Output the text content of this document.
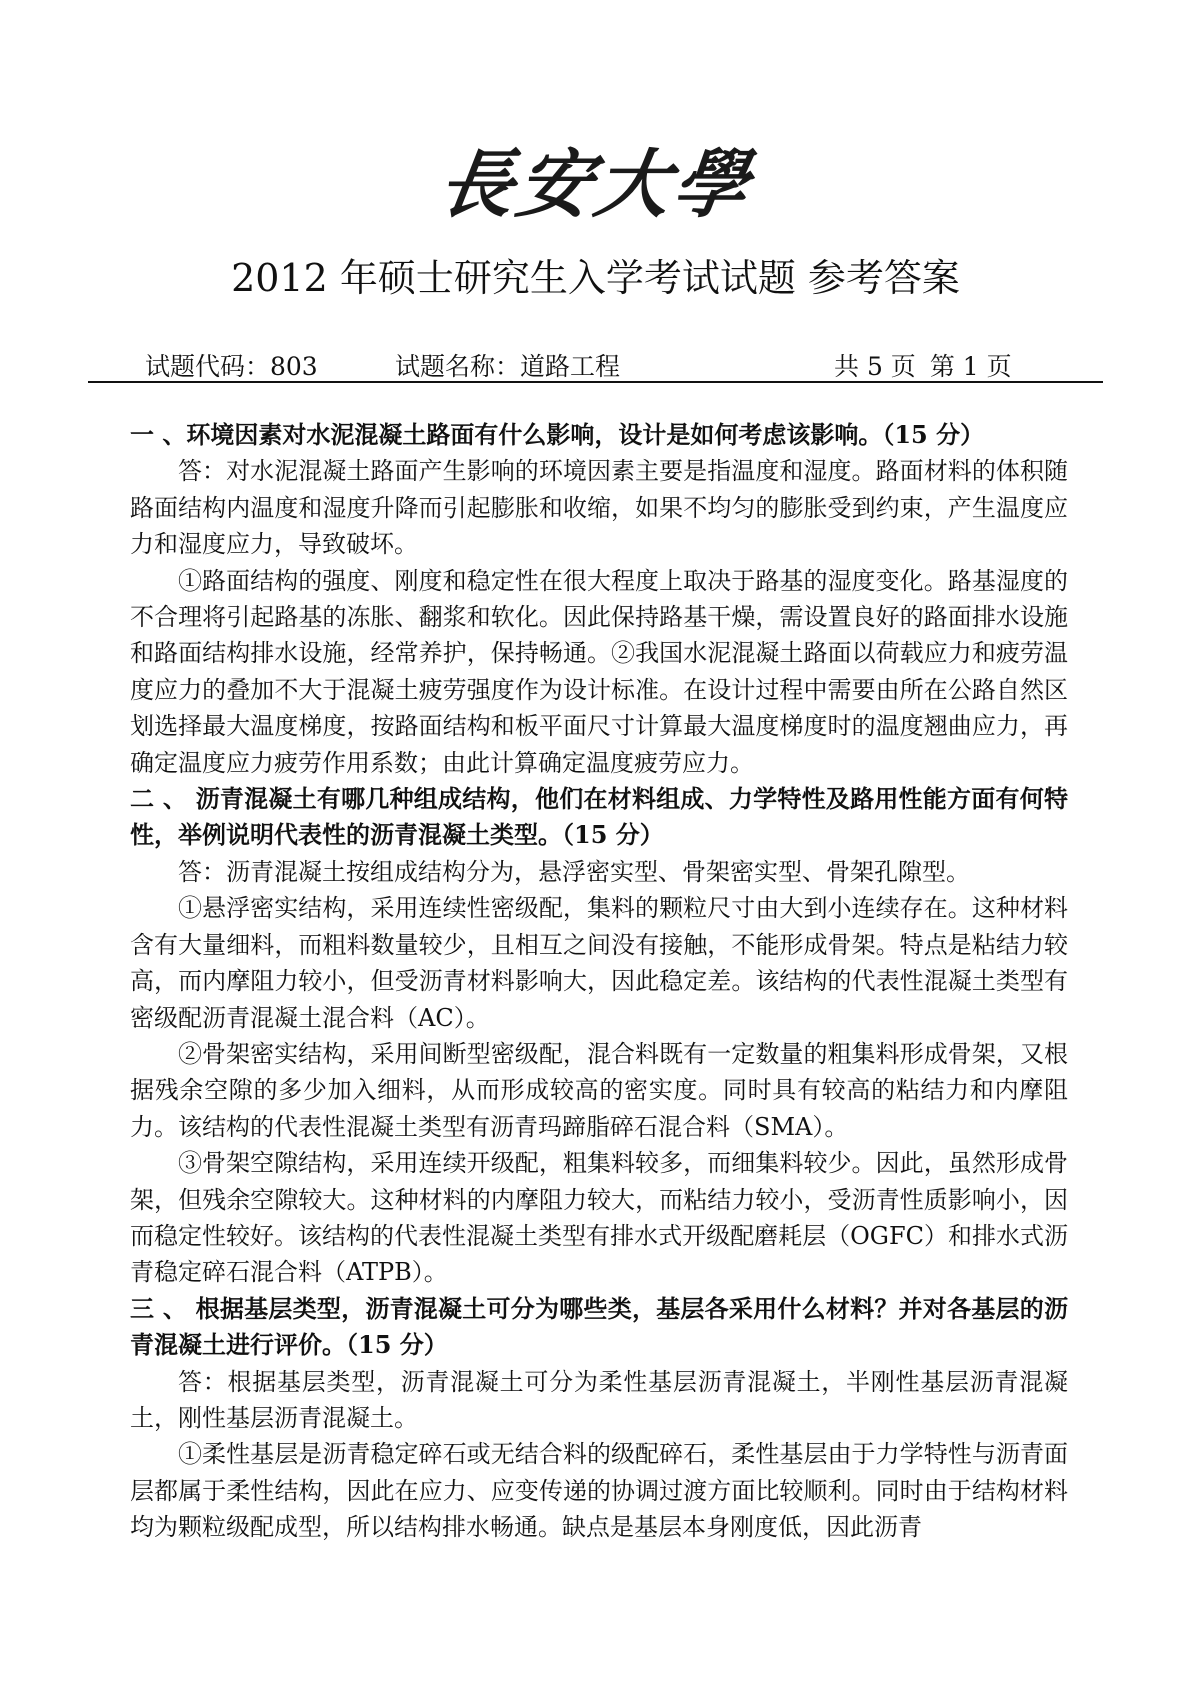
長安大學
2012 年硕士研究生入学考试试题 参考答案
试题代码：803	试题名称：道路工程	共 5 页 第 1 页

一 、环境因素对水泥混凝土路面有什么影响，设计是如何考虑该影响。（15 分）

答：对水泥混凝土路面产生影响的环境因素主要是指温度和湿度。路面材料的体积随路面结构内温度和湿度升降而引起膨胀和收缩，如果不均匀的膨胀受到约束，产生温度应力和湿度应力，导致破坏。

①路面结构的强度、刚度和稳定性在很大程度上取决于路基的湿度变化。路基湿度的不合理将引起路基的冻胀、翻浆和软化。因此保持路基干燥，需设置良好的路面排水设施和路面结构排水设施，经常养护，保持畅通。②我国水泥混凝土路面以荷载应力和疲劳温度应力的叠加不大于混凝土疲劳强度作为设计标准。在设计过程中需要由所在公路自然区划选择最大温度梯度，按路面结构和板平面尺寸计算最大温度梯度时的温度翘曲应力，再确定温度应力疲劳作用系数；由此计算确定温度疲劳应力。

二 、 沥青混凝土有哪几种组成结构，他们在材料组成、力学特性及路用性能方面有何特性，举例说明代表性的沥青混凝土类型。（15 分）

答：沥青混凝土按组成结构分为，悬浮密实型、骨架密实型、骨架孔隙型。

①悬浮密实结构，采用连续性密级配，集料的颗粒尺寸由大到小连续存在。这种材料含有大量细料，而粗料数量较少，且相互之间没有接触，不能形成骨架。特点是粘结力较高，而内摩阻力较小，但受沥青材料影响大，因此稳定差。该结构的代表性混凝土类型有密级配沥青混凝土混合料（AC）。

②骨架密实结构，采用间断型密级配，混合料既有一定数量的粗集料形成骨架，又根据残余空隙的多少加入细料，从而形成较高的密实度。同时具有较高的粘结力和内摩阻力。该结构的代表性混凝土类型有沥青玛蹄脂碎石混合料（SMA）。

③骨架空隙结构，采用连续开级配，粗集料较多，而细集料较少。因此，虽然形成骨架，但残余空隙较大。这种材料的内摩阻力较大，而粘结力较小，受沥青性质影响小，因而稳定性较好。该结构的代表性混凝土类型有排水式开级配磨耗层（OGFC）和排水式沥青稳定碎石混合料（ATPB）。

三 、 根据基层类型，沥青混凝土可分为哪些类，基层各采用什么材料？并对各基层的沥青混凝土进行评价。（15 分）

答：根据基层类型，沥青混凝土可分为柔性基层沥青混凝土，半刚性基层沥青混凝土，刚性基层沥青混凝土。

①柔性基层是沥青稳定碎石或无结合料的级配碎石，柔性基层由于力学特性与沥青面层都属于柔性结构，因此在应力、应变传递的协调过渡方面比较顺利。同时由于结构材料均为颗粒级配成型，所以结构排水畅通。缺点是基层本身刚度低，因此沥青
